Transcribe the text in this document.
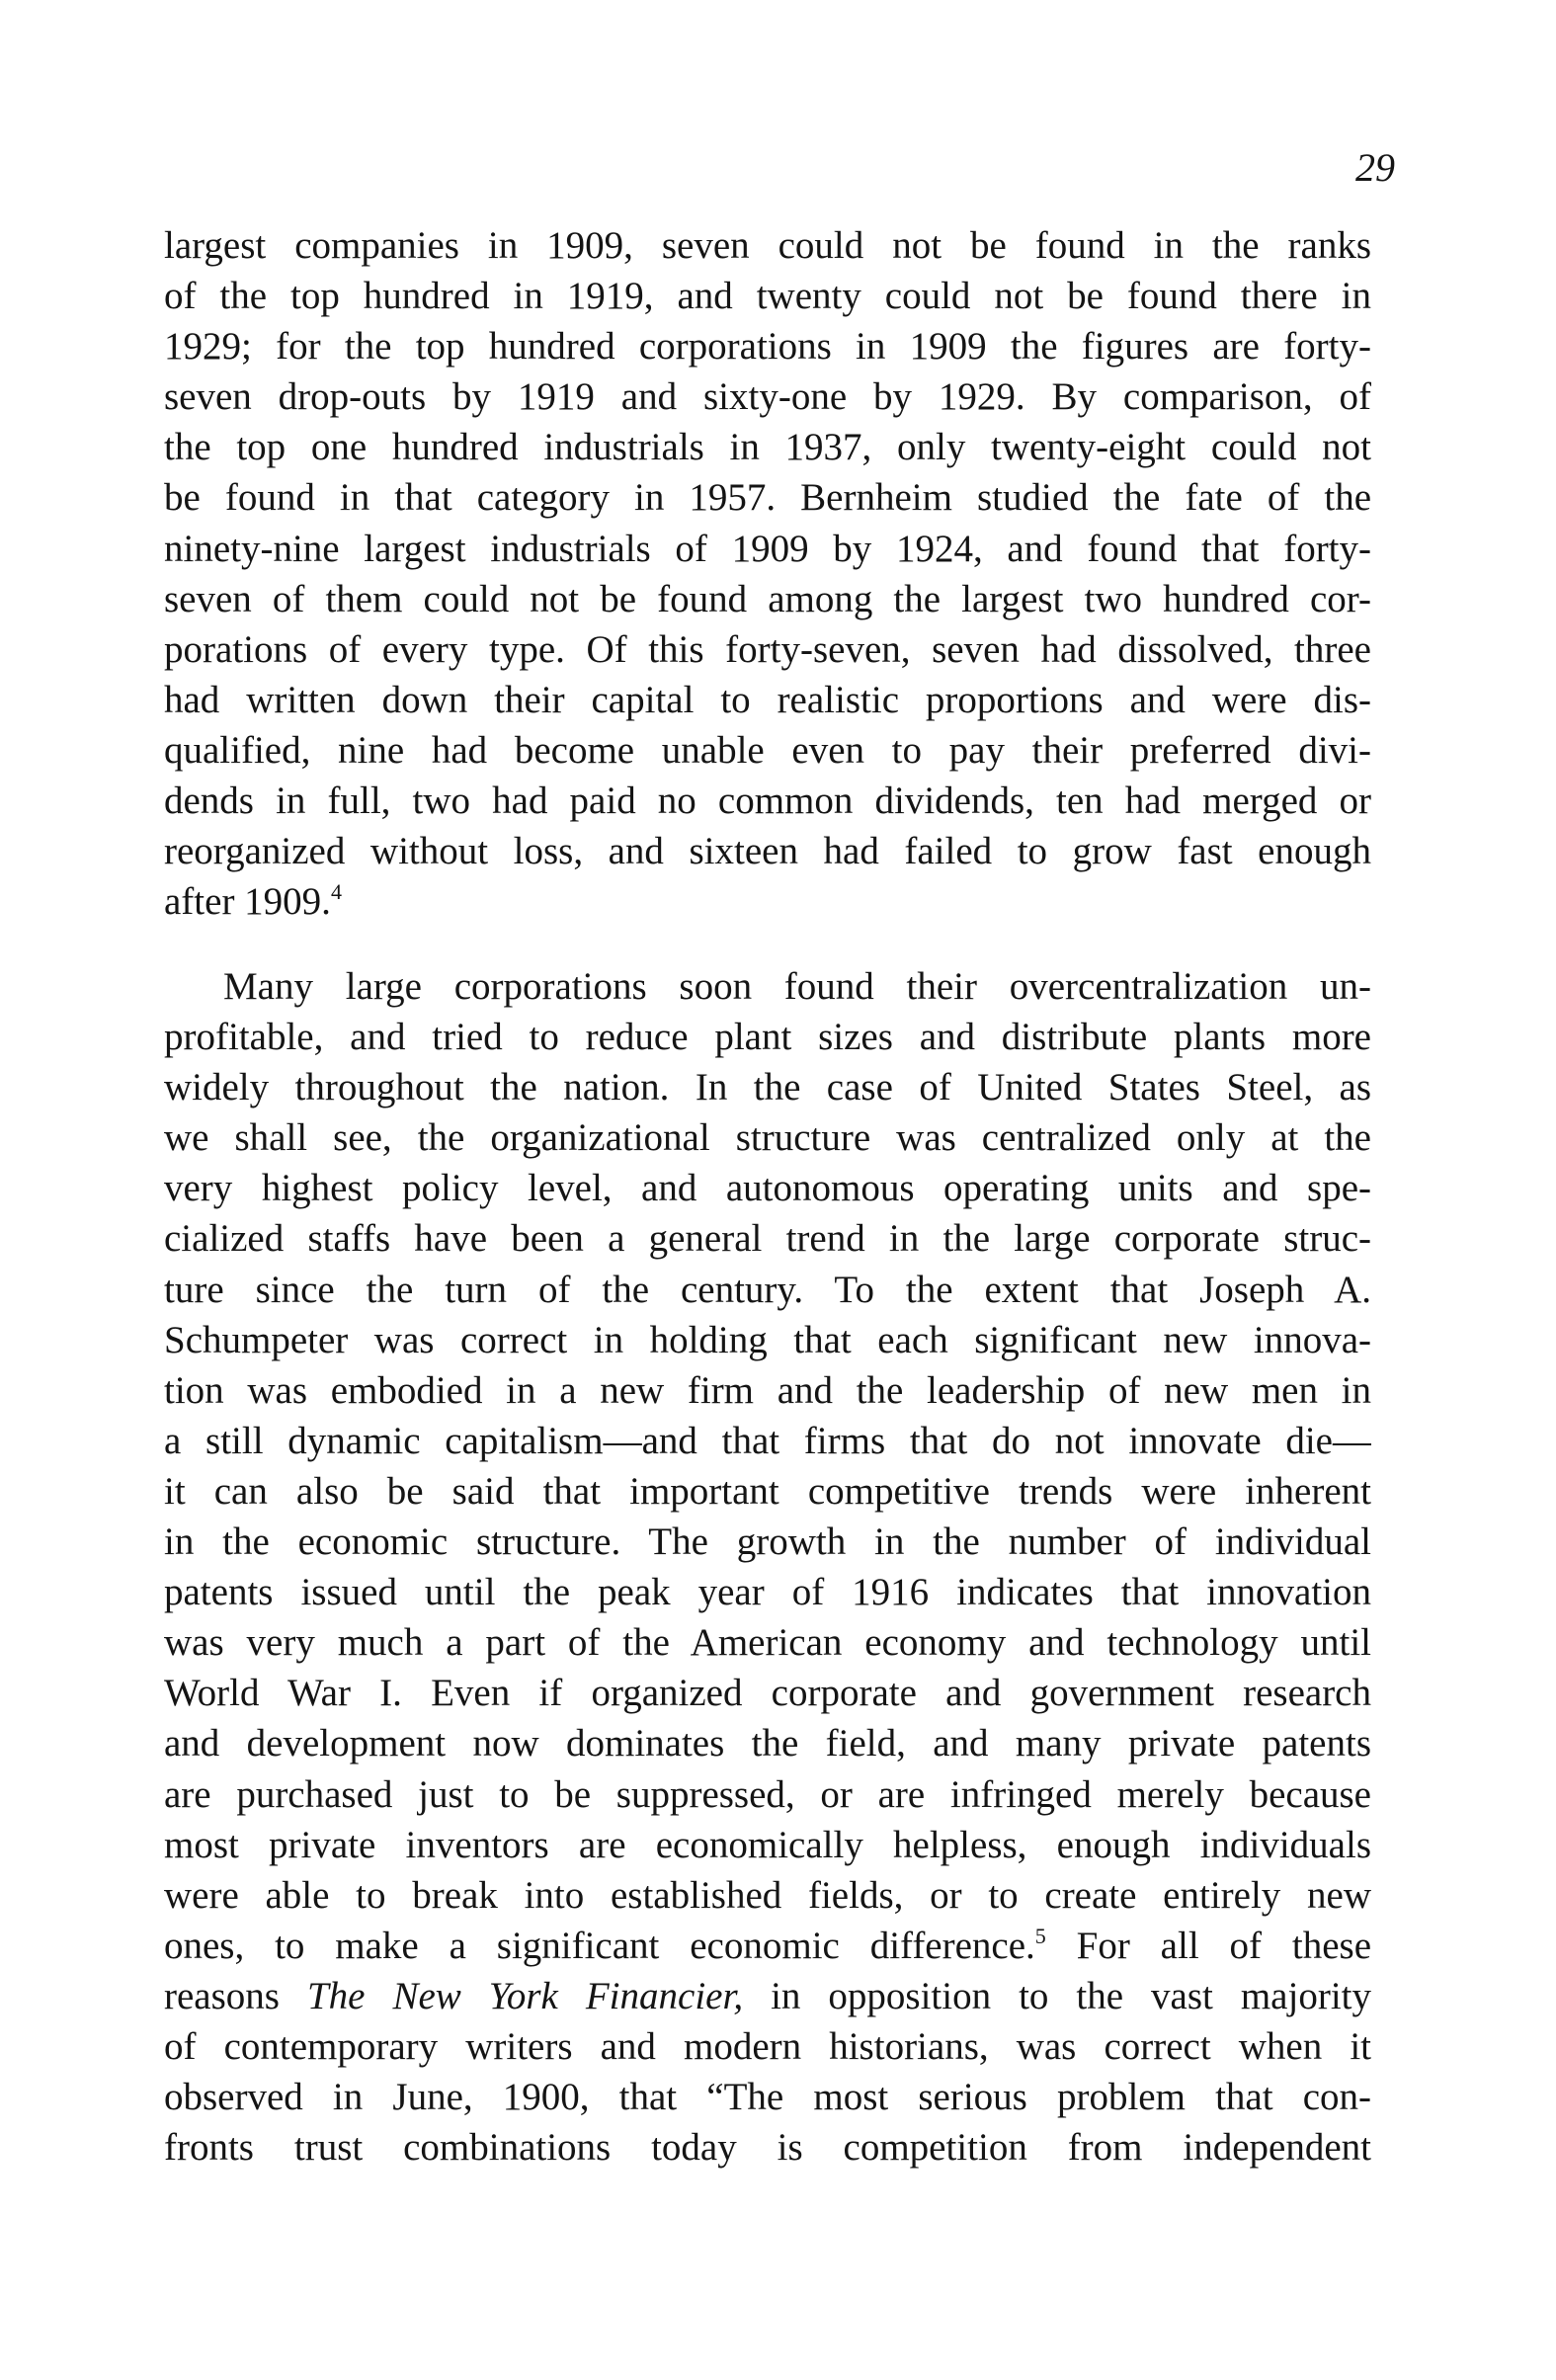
29
largest companies in 1909, seven could not be found in the ranks
of the top hundred in 1919, and twenty could not be found there in
1929; for the top hundred corporations in 1909 the figures are forty-
seven drop-outs by 1919 and sixty-one by 1929. By comparison, of
the top one hundred industrials in 1937, only twenty-eight could not
be found in that category in 1957. Bernheim studied the fate of the
ninety-nine largest industrials of 1909 by 1924, and found that forty-
seven of them could not be found among the largest two hundred cor-
porations of every type. Of this forty-seven, seven had dissolved, three
had written down their capital to realistic proportions and were dis-
qualified, nine had become unable even to pay their preferred divi-
dends in full, two had paid no common dividends, ten had merged or
reorganized without loss, and sixteen had failed to grow fast enough
after 1909.$^4$
Many large corporations soon found their overcentralization un-
profitable, and tried to reduce plant sizes and distribute plants more
widely throughout the nation. In the case of United States Steel, as
we shall see, the organizational structure was centralized only at the
very highest policy level, and autonomous operating units and spe-
cialized staffs have been a general trend in the large corporate struc-
ture since the turn of the century. To the extent that Joseph A.
Schumpeter was correct in holding that each significant new innova-
tion was embodied in a new firm and the leadership of new men in
a still dynamic capitalism—and that firms that do not innovate die—
it can also be said that important competitive trends were inherent
in the economic structure. The growth in the number of individual
patents issued until the peak year of 1916 indicates that innovation
was very much a part of the American economy and technology until
World War I. Even if organized corporate and government research
and development now dominates the field, and many private patents
are purchased just to be suppressed, or are infringed merely because
most private inventors are economically helpless, enough individuals
were able to break into established fields, or to create entirely new
ones, to make a significant economic difference.$^5$ For all of these
reasons The New York Financier, in opposition to the vast majority
of contemporary writers and modern historians, was correct when it
observed in June, 1900, that “The most serious problem that con-
fronts trust combinations today is competition from independent
